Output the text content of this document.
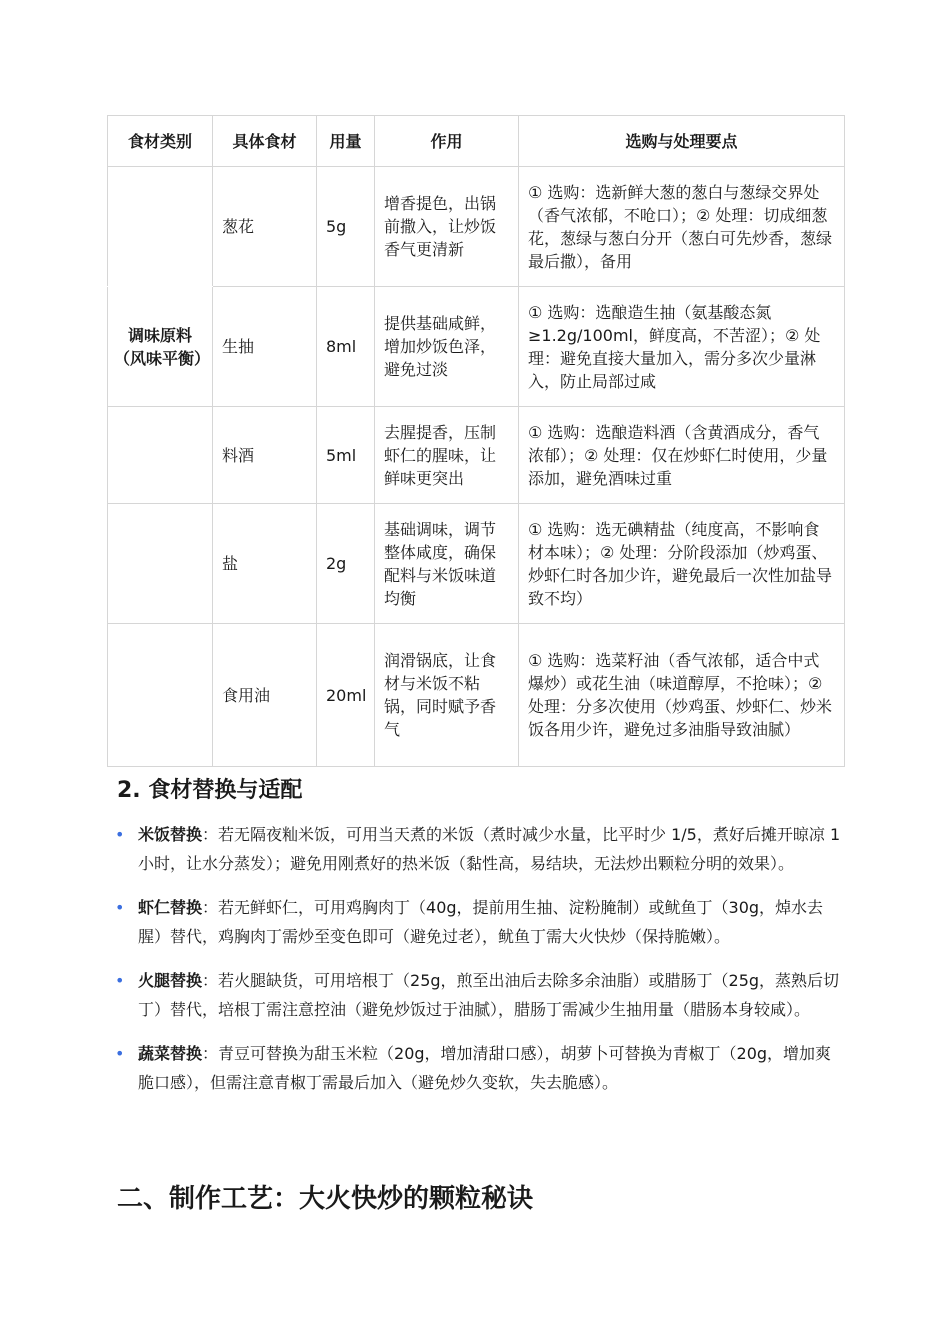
食材类别	具体食材	用量	作用	选购与处理要点
	葱花	5g	增香提色，出锅前撒入，让炒饭香气更清新	① 选购：选新鲜大葱的葱白与葱绿交界处（香气浓郁，不呛口）；② 处理：切成细葱花，葱绿与葱白分开（葱白可先炒香，葱绿最后撒），备用
调味原料（风味平衡）	生抽	8ml	提供基础咸鲜，增加炒饭色泽，避免过淡	① 选购：选酿造生抽（氨基酸态氮≥1.2g/100ml，鲜度高，不苦涩）；② 处理：避免直接大量加入，需分多次少量淋入，防止局部过咸
	料酒	5ml	去腥提香，压制虾仁的腥味，让鲜味更突出	① 选购：选酿造料酒（含黄酒成分，香气浓郁）；② 处理：仅在炒虾仁时使用，少量添加，避免酒味过重
	盐	2g	基础调味，调节整体咸度，确保配料与米饭味道均衡	① 选购：选无碘精盐（纯度高，不影响食材本味）；② 处理：分阶段添加（炒鸡蛋、炒虾仁时各加少许，避免最后一次性加盐导致不均）
	食用油	20ml	润滑锅底，让食材与米饭不粘锅，同时赋予香气	① 选购：选菜籽油（香气浓郁，适合中式爆炒）或花生油（味道醇厚，不抢味）；② 处理：分多次使用（炒鸡蛋、炒虾仁、炒米饭各用少许，避免过多油脂导致油腻）
2. 食材替换与适配
• 米饭替换：若无隔夜籼米饭，可用当天煮的米饭（煮时减少水量，比平时少 1/5，煮好后摊开晾凉 1 小时，让水分蒸发）；避免用刚煮好的热米饭（黏性高，易结块，无法炒出颗粒分明的效果）。
• 虾仁替换：若无鲜虾仁，可用鸡胸肉丁（40g，提前用生抽、淀粉腌制）或鱿鱼丁（30g，焯水去腥）替代，鸡胸肉丁需炒至变色即可（避免过老），鱿鱼丁需大火快炒（保持脆嫩）。
• 火腿替换：若火腿缺货，可用培根丁（25g，煎至出油后去除多余油脂）或腊肠丁（25g，蒸熟后切丁）替代，培根丁需注意控油（避免炒饭过于油腻），腊肠丁需减少生抽用量（腊肠本身较咸）。
• 蔬菜替换：青豆可替换为甜玉米粒（20g，增加清甜口感），胡萝卜可替换为青椒丁（20g，增加爽脆口感），但需注意青椒丁需最后加入（避免炒久变软，失去脆感）。
二、制作工艺：大火快炒的颗粒秘诀
